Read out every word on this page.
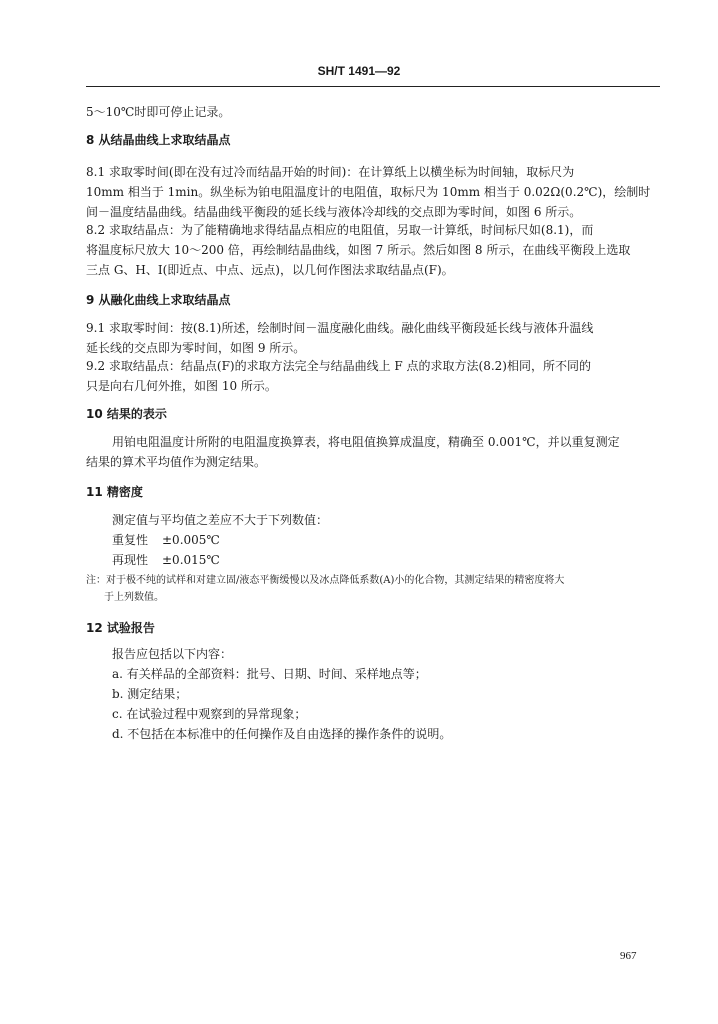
SH/T 1491—92
5～10℃时即可停止记录。
8 从结晶曲线上求取结晶点
8.1 求取零时间(即在没有过冷而结晶开始的时间)：在计算纸上以横坐标为时间轴，取标尺为
10mm 相当于 1min。纵坐标为铂电阻温度计的电阻值，取标尺为 10mm 相当于 0.02Ω(0.2℃)，绘制时
间－温度结晶曲线。结晶曲线平衡段的延长线与液体冷却线的交点即为零时间，如图 6 所示。
8.2 求取结晶点：为了能精确地求得结晶点相应的电阻值，另取一计算纸，时间标尺如(8.1)，而
将温度标尺放大 10～200 倍，再绘制结晶曲线，如图 7 所示。然后如图 8 所示，在曲线平衡段上选取
三点 G、H、I(即近点、中点、远点)，以几何作图法求取结晶点(F)。
9 从融化曲线上求取结晶点
9.1 求取零时间：按(8.1)所述，绘制时间－温度融化曲线。融化曲线平衡段延长线与液体升温线
延长线的交点即为零时间，如图 9 所示。
9.2 求取结晶点：结晶点(F)的求取方法完全与结晶曲线上 F 点的求取方法(8.2)相同，所不同的
只是向右几何外推，如图 10 所示。
10 结果的表示
用铂电阻温度计所附的电阻温度换算表，将电阻值换算成温度，精确至 0.001℃，并以重复测定
结果的算术平均值作为测定结果。
11 精密度
测定值与平均值之差应不大于下列数值：
重复性 ±0.005℃
再现性 ±0.015℃
注：对于极不纯的试样和对建立固/液态平衡缓慢以及冰点降低系数(A)小的化合物，其测定结果的精密度将大
于上列数值。
12 试验报告
报告应包括以下内容：
a. 有关样品的全部资料：批号、日期、时间、采样地点等；
b. 测定结果；
c. 在试验过程中观察到的异常现象；
d. 不包括在本标准中的任何操作及自由选择的操作条件的说明。
967
